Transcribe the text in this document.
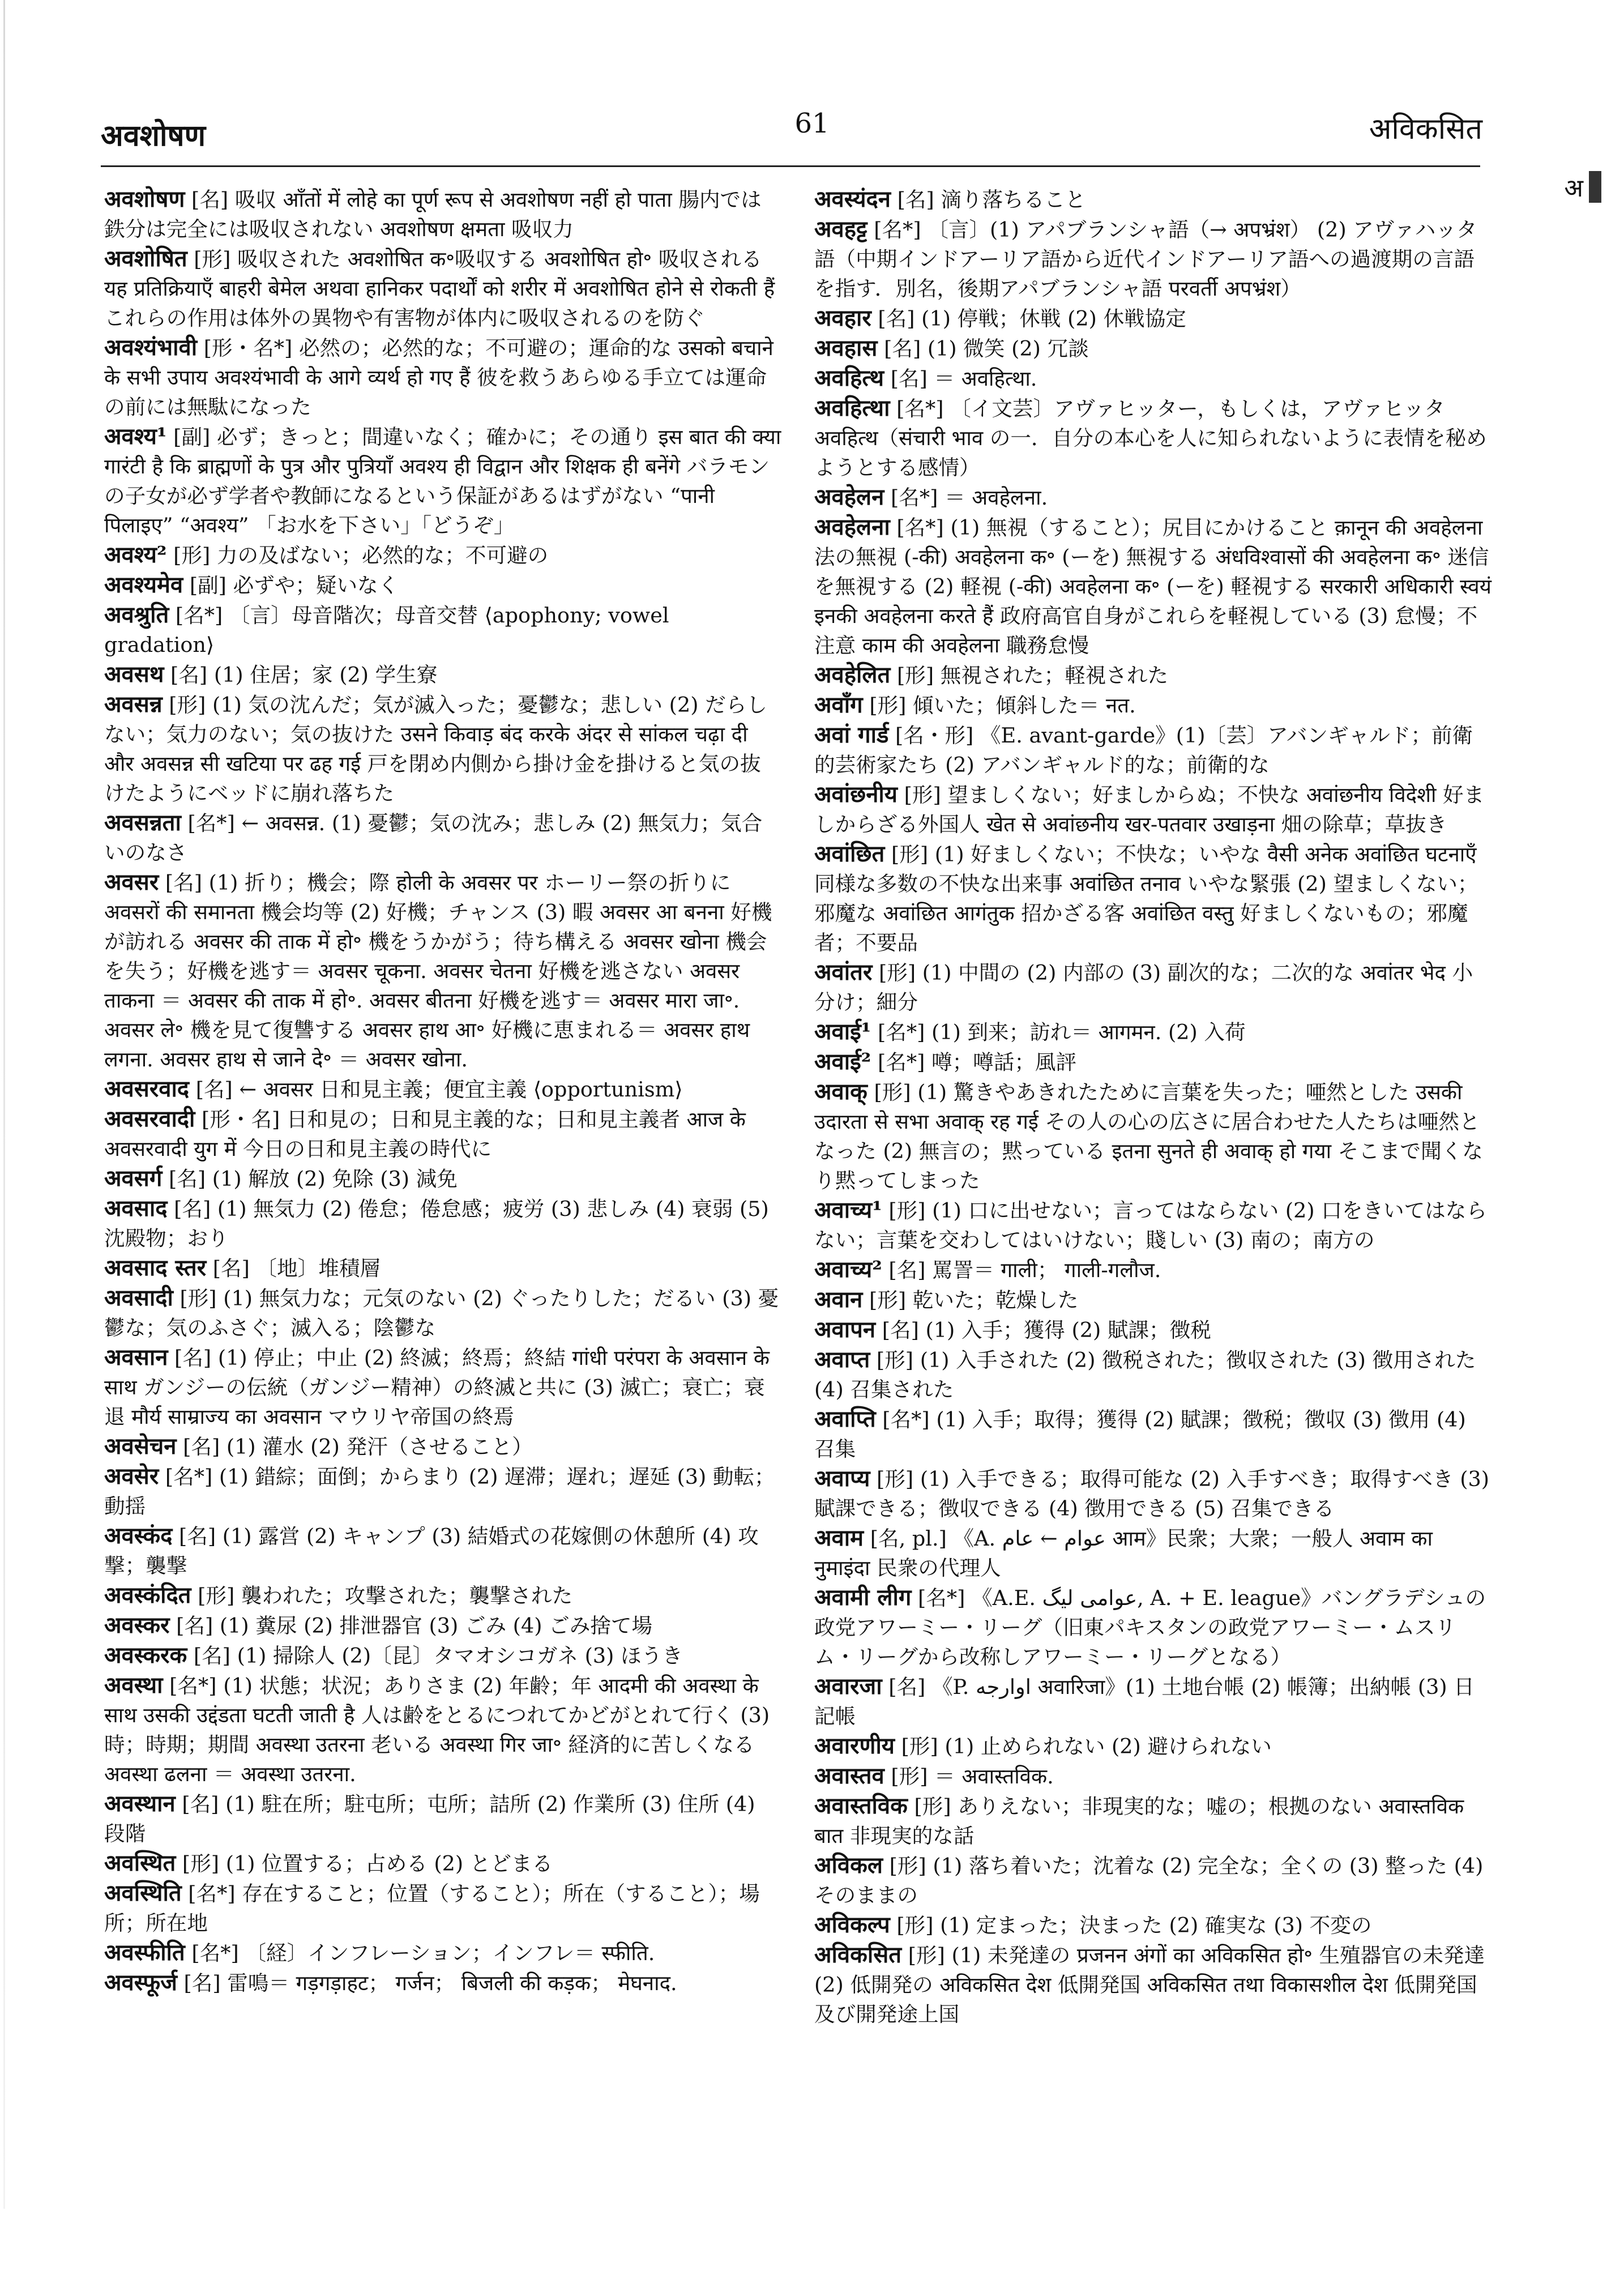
अवशोषण	61	अविकसित
अ

अवशोषण [名] 吸収 आँतों में लोहे का पूर्ण रूप से अवशोषण नहीं हो पाता 腸内では鉄分は完全には吸収されない अवशोषण क्षमता 吸収力

अवशोषित [形] 吸収された अवशोषित क॰吸収する अवशोषित हो॰ 吸収される यह प्रतिक्रियाएँ बाहरी बेमेल अथवा हानिकर पदार्थों को शरीर में अवशोषित होने से रोकती हैं これらの作用は体外の異物や有害物が体内に吸収されるのを防ぐ

अवश्यंभावी [形・名*] 必然の；必然的な；不可避の；運命的な उसको बचाने के सभी उपाय अवश्यंभावी के आगे व्यर्थ हो गए हैं 彼を救うあらゆる手立ては運命の前には無駄になった

अवश्य¹ [副] 必ず；きっと；間違いなく；確かに；その通り इस बात की क्या गारंटी है कि ब्राह्मणों के पुत्र और पुत्रियाँ अवश्य ही विद्वान और शिक्षक ही बनेंगे バラモンの子女が必ず学者や教師になるという保証があるはずがない “पानी पिलाइए” “अवश्य” 「お水を下さい」「どうぞ」

अवश्य² [形] 力の及ばない；必然的な；不可避の

अवश्यमेव [副] 必ずや；疑いなく

अवश्रुति [名*] 〔言〕母音階次；母音交替 ⟨apophony; vowel gradation⟩

अवसथ [名] (1) 住居；家 (2) 学生寮

अवसन्न [形] (1) 気の沈んだ；気が滅入った；憂鬱な；悲しい (2) だらしない；気力のない；気の抜けた उसने किवाड़ बंद करके अंदर से सांकल चढ़ा दी और अवसन्न सी खटिया पर ढह गई 戸を閉め内側から掛け金を掛けると気の抜けたようにベッドに崩れ落ちた

अवसन्नता [名*] ← अवसन्न. (1) 憂鬱；気の沈み；悲しみ (2) 無気力；気合いのなさ

अवसर [名] (1) 折り；機会；際 होली के अवसर पर ホーリー祭の折りに अवसरों की समानता 機会均等 (2) 好機；チャンス (3) 暇 अवसर आ बनना 好機が訪れる अवसर की ताक में हो॰ 機をうかがう；待ち構える अवसर खोना 機会を失う；好機を逃す＝ अवसर चूकना. अवसर चेतना 好機を逃さない अवसर ताकना ＝ अवसर की ताक में हो॰. अवसर बीतना 好機を逃す＝ अवसर मारा जा॰. अवसर ले॰ 機を見て復讐する अवसर हाथ आ॰ 好機に恵まれる＝ अवसर हाथ लगना. अवसर हाथ से जाने दे॰ ＝ अवसर खोना.

अवसरवाद [名] ← अवसर 日和見主義；便宜主義 ⟨opportunism⟩

अवसरवादी [形・名] 日和見の；日和見主義的な；日和見主義者 आज के अवसरवादी युग में 今日の日和見主義の時代に

अवसर्ग [名] (1) 解放 (2) 免除 (3) 減免

अवसाद [名] (1) 無気力 (2) 倦怠；倦怠感；疲労 (3) 悲しみ (4) 衰弱 (5) 沈殿物；おり

अवसाद स्तर [名] 〔地〕堆積層

अवसादी [形] (1) 無気力な；元気のない (2) ぐったりした；だるい (3) 憂鬱な；気のふさぐ；滅入る；陰鬱な

अवसान [名] (1) 停止；中止 (2) 終滅；終焉；終結 गांधी परंपरा के अवसान के साथ ガンジーの伝統（ガンジー精神）の終滅と共に (3) 滅亡；衰亡；衰退 मौर्य साम्राज्य का अवसान マウリヤ帝国の終焉

अवसेचन [名] (1) 灌水 (2) 発汗（させること）

अवसेर [名*] (1) 錯綜；面倒；からまり (2) 遅滞；遅れ；遅延 (3) 動転；動揺

अवस्कंद [名] (1) 露営 (2) キャンプ (3) 結婚式の花嫁側の休憩所 (4) 攻撃；襲撃

अवस्कंदित [形] 襲われた；攻撃された；襲撃された

अवस्कर [名] (1) 糞尿 (2) 排泄器官 (3) ごみ (4) ごみ捨て場

अवस्करक [名] (1) 掃除人 (2)〔昆〕タマオシコガネ (3) ほうき

अवस्था [名*] (1) 状態；状況；ありさま (2) 年齢；年 आदमी की अवस्था के साथ उसकी उद्दंडता घटती जाती है 人は齢をとるにつれてかどがとれて行く (3) 時；時期；期間 अवस्था उतरना 老いる अवस्था गिर जा॰ 経済的に苦しくなる अवस्था ढलना ＝ अवस्था उतरना.

अवस्थान [名] (1) 駐在所；駐屯所；屯所；詰所 (2) 作業所 (3) 住所 (4) 段階

अवस्थित [形] (1) 位置する；占める (2) とどまる

अवस्थिति [名*] 存在すること；位置（すること）；所在（すること）；場所；所在地

अवस्फीति [名*] 〔経〕インフレーション；インフレ＝ स्फीति.

अवस्फूर्ज [名] 雷鳴＝ गड़गड़ाहट； गर्जन； बिजली की कड़क； मेघनाद.

अवस्यंदन [名] 滴り落ちること

अवहट्ट [名*] 〔言〕(1) アパブランシャ語（→ अपभ्रंश） (2) アヴァハッタ語（中期インドアーリア語から近代インドアーリア語への過渡期の言語を指す．別名，後期アパブランシャ語 परवर्ती अपभ्रंश）

अवहार [名] (1) 停戦；休戦 (2) 休戦協定

अवहास [名] (1) 微笑 (2) 冗談

अवहित्थ [名] ＝ अवहित्था.

अवहित्था [名*] 〔イ文芸〕アヴァヒッター，もしくは，アヴァヒッタ अवहित्थ（संचारी भाव の一．自分の本心を人に知られないように表情を秘めようとする感情）

अवहेलन [名*] ＝ अवहेलना.

अवहेलना [名*] (1) 無視（すること）；尻目にかけること क़ानून की अवहेलना 法の無視 (-की) अवहेलना क॰ (ーを) 無視する अंधविश्वासों की अवहेलना क॰ 迷信を無視する (2) 軽視 (-की) अवहेलना क॰ (ーを) 軽視する सरकारी अधिकारी स्वयं इनकी अवहेलना करते हैं 政府高官自身がこれらを軽視している (3) 怠慢；不注意 काम की अवहेलना 職務怠慢

अवहेलित [形] 無視された；軽視された

अवाँग [形] 傾いた；傾斜した＝ नत.

अवां गार्ड [名・形] 《E. avant-garde》(1)〔芸〕アバンギャルド；前衛的芸術家たち (2) アバンギャルド的な；前衛的な

अवांछनीय [形] 望ましくない；好ましからぬ；不快な अवांछनीय विदेशी 好ましからざる外国人 खेत से अवांछनीय खर-पतवार उखाड़ना 畑の除草；草抜き

अवांछित [形] (1) 好ましくない；不快な；いやな वैसी अनेक अवांछित घटनाएँ 同様な多数の不快な出来事 अवांछित तनाव いやな緊張 (2) 望ましくない；邪魔な अवांछित आगंतुक 招かざる客 अवांछित वस्तु 好ましくないもの；邪魔者；不要品

अवांतर [形] (1) 中間の (2) 内部の (3) 副次的な；二次的な अवांतर भेद 小分け；細分

अवाई¹ [名*] (1) 到来；訪れ＝ आगमन. (2) 入荷

अवाई² [名*] 噂；噂話；風評

अवाक् [形] (1) 驚きやあきれたために言葉を失った；唖然とした उसकी उदारता से सभा अवाक् रह गई その人の心の広さに居合わせた人たちは唖然となった (2) 無言の；黙っている इतना सुनते ही अवाक् हो गया そこまで聞くなり黙ってしまった

अवाच्य¹ [形] (1) 口に出せない；言ってはならない (2) 口をきいてはならない；言葉を交わしてはいけない；賤しい (3) 南の；南方の

अवाच्य² [名] 罵詈＝ गाली； गाली-गलौज.

अवान [形] 乾いた；乾燥した

अवापन [名] (1) 入手；獲得 (2) 賦課；徴税

अवाप्त [形] (1) 入手された (2) 徴税された；徴収された (3) 徴用された (4) 召集された

अवाप्ति [名*] (1) 入手；取得；獲得 (2) 賦課；徴税；徴収 (3) 徴用 (4) 召集

अवाप्य [形] (1) 入手できる；取得可能な (2) 入手すべき；取得すべき (3) 賦課できる；徴収できる (4) 徴用できる (5) 召集できる

अवाम [名, pl.] 《A. عوام ← عام आम》民衆；大衆；一般人 अवाम का नुमाइंदा 民衆の代理人

अवामी लीग [名*] 《A.E. عوامی لیگ, A. + E. league》バングラデシュの政党アワーミー・リーグ（旧東パキスタンの政党アワーミー・ムスリム・リーグから改称しアワーミー・リーグとなる）

अवारजा [名] 《P. اوارجه अवारिजा》(1) 土地台帳 (2) 帳簿；出納帳 (3) 日記帳

अवारणीय [形] (1) 止められない (2) 避けられない

अवास्तव [形] ＝ अवास्तविक.

अवास्तविक [形] ありえない；非現実的な；嘘の；根拠のない अवास्तविक बात 非現実的な話

अविकल [形] (1) 落ち着いた；沈着な (2) 完全な；全くの (3) 整った (4) そのままの

अविकल्प [形] (1) 定まった；決まった (2) 確実な (3) 不変の

अविकसित [形] (1) 未発達の प्रजनन अंगों का अविकसित हो॰ 生殖器官の未発達 (2) 低開発の अविकसित देश 低開発国 अविकसित तथा विकासशील देश 低開発国及び開発途上国
